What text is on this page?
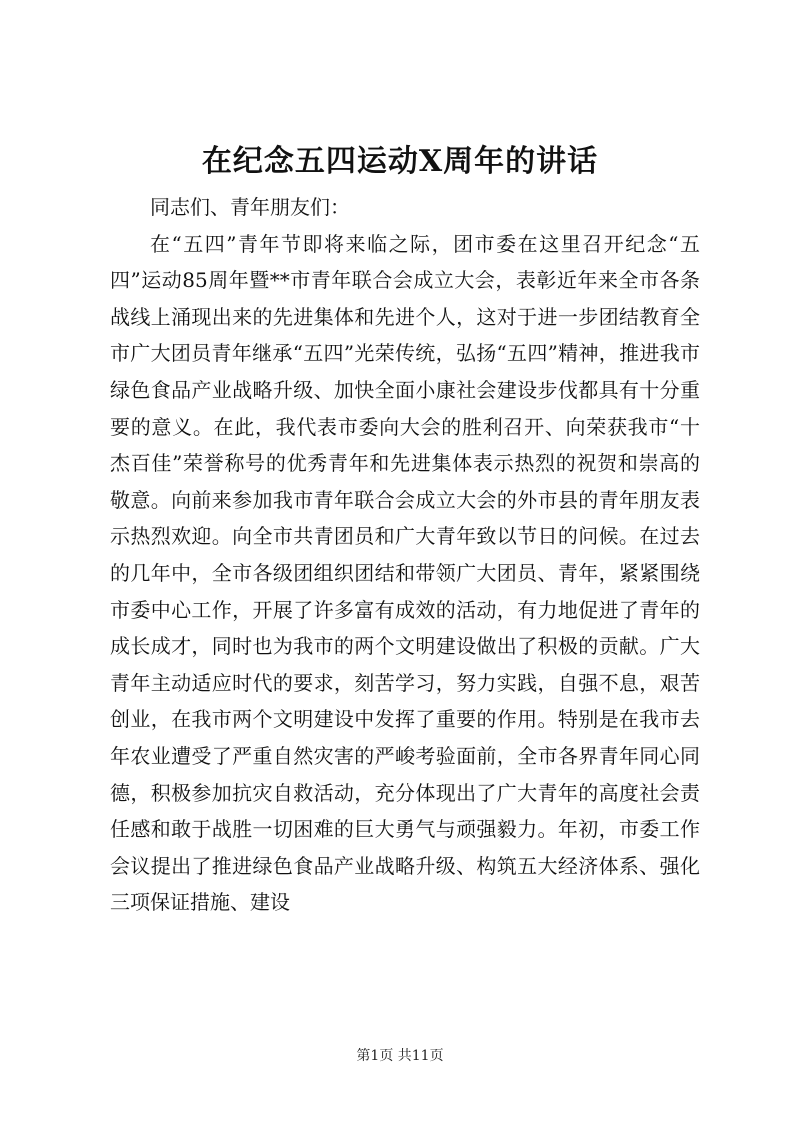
在纪念五四运动X周年的讲话

同志们、青年朋友们：

在“五四”青年节即将来临之际，团市委在这里召开纪念“五四”运动85周年暨**市青年联合会成立大会，表彰近年来全市各条战线上涌现出来的先进集体和先进个人，这对于进一步团结教育全市广大团员青年继承“五四”光荣传统，弘扬“五四”精神，推进我市绿色食品产业战略升级、加快全面小康社会建设步伐都具有十分重要的意义。在此，我代表市委向大会的胜利召开、向荣获我市“十杰百佳”荣誉称号的优秀青年和先进集体表示热烈的祝贺和崇高的敬意。向前来参加我市青年联合会成立大会的外市县的青年朋友表示热烈欢迎。向全市共青团员和广大青年致以节日的问候。在过去的几年中，全市各级团组织团结和带领广大团员、青年，紧紧围绕市委中心工作，开展了许多富有成效的活动，有力地促进了青年的成长成才，同时也为我市的两个文明建设做出了积极的贡献。广大青年主动适应时代的要求，刻苦学习，努力实践，自强不息，艰苦创业，在我市两个文明建设中发挥了重要的作用。特别是在我市去年农业遭受了严重自然灾害的严峻考验面前，全市各界青年同心同德，积极参加抗灾自救活动，充分体现出了广大青年的高度社会责任感和敢于战胜一切困难的巨大勇气与顽强毅力。年初，市委工作会议提出了推进绿色食品产业战略升级、构筑五大经济体系、强化三项保证措施、建设

第1页 共11页
